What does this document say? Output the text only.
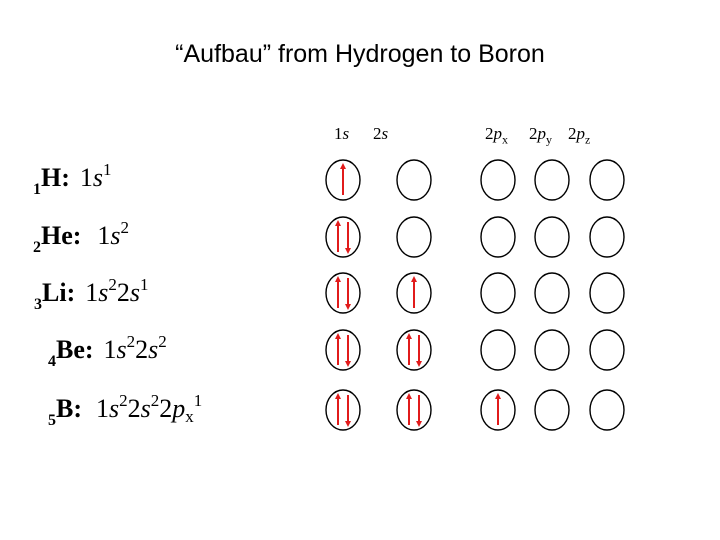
“Aufbau” from Hydrogen to Boron
1s 2s	$2p_x$ $2p_y$ $2p_z$
$_1$H: $1s^1$
$_2$He: $1s^2$
$_3$Li: $1s^22s^1$
$_4$Be: $1s^22s^2$
$_5$B: $1s^22s^22p_x^1$
